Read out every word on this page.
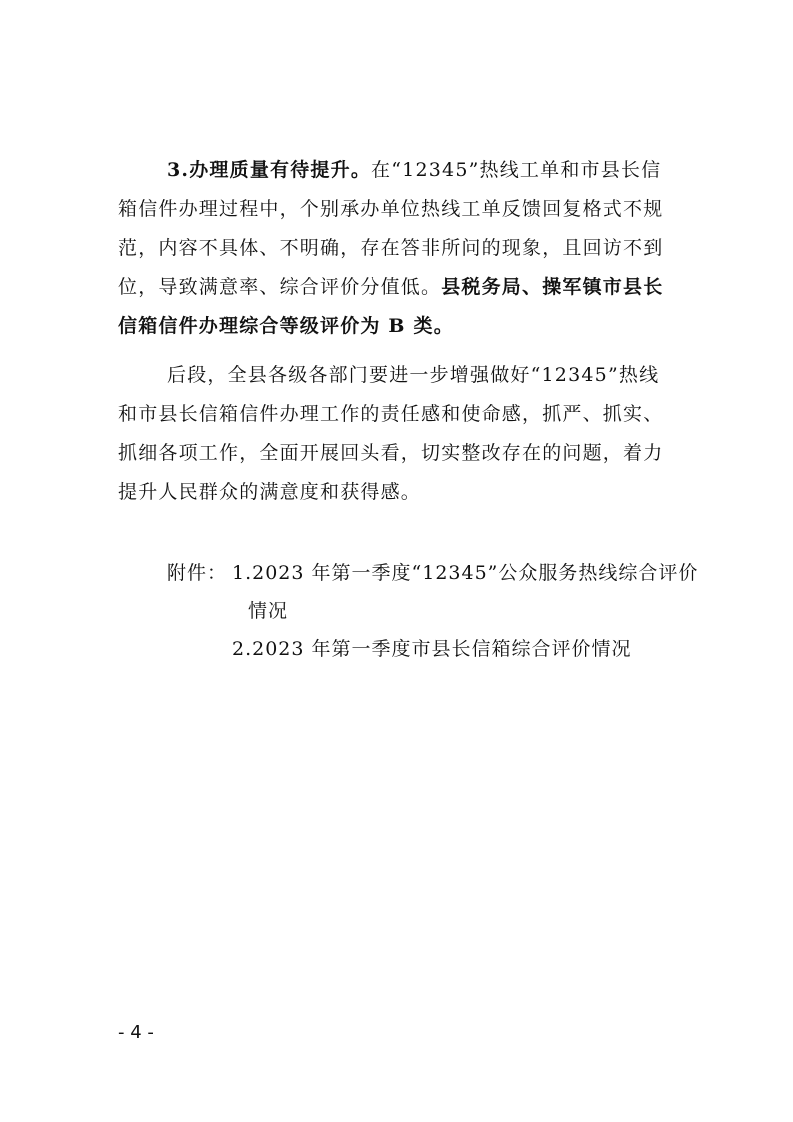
3.办理质量有待提升。在“12345”热线工单和市县长信
箱信件办理过程中，个别承办单位热线工单反馈回复格式不规
范，内容不具体、不明确，存在答非所问的现象，且回访不到
位，导致满意率、综合评价分值低。县税务局、操军镇市县长
信箱信件办理综合等级评价为 B 类。
后段，全县各级各部门要进一步增强做好“12345”热线
和市县长信箱信件办理工作的责任感和使命感，抓严、抓实、
抓细各项工作，全面开展回头看，切实整改存在的问题，着力
提升人民群众的满意度和获得感。
附件： 1.2023 年第一季度“12345”公众服务热线综合评价
情况
2.2023 年第一季度市县长信箱综合评价情况
- 4 -
